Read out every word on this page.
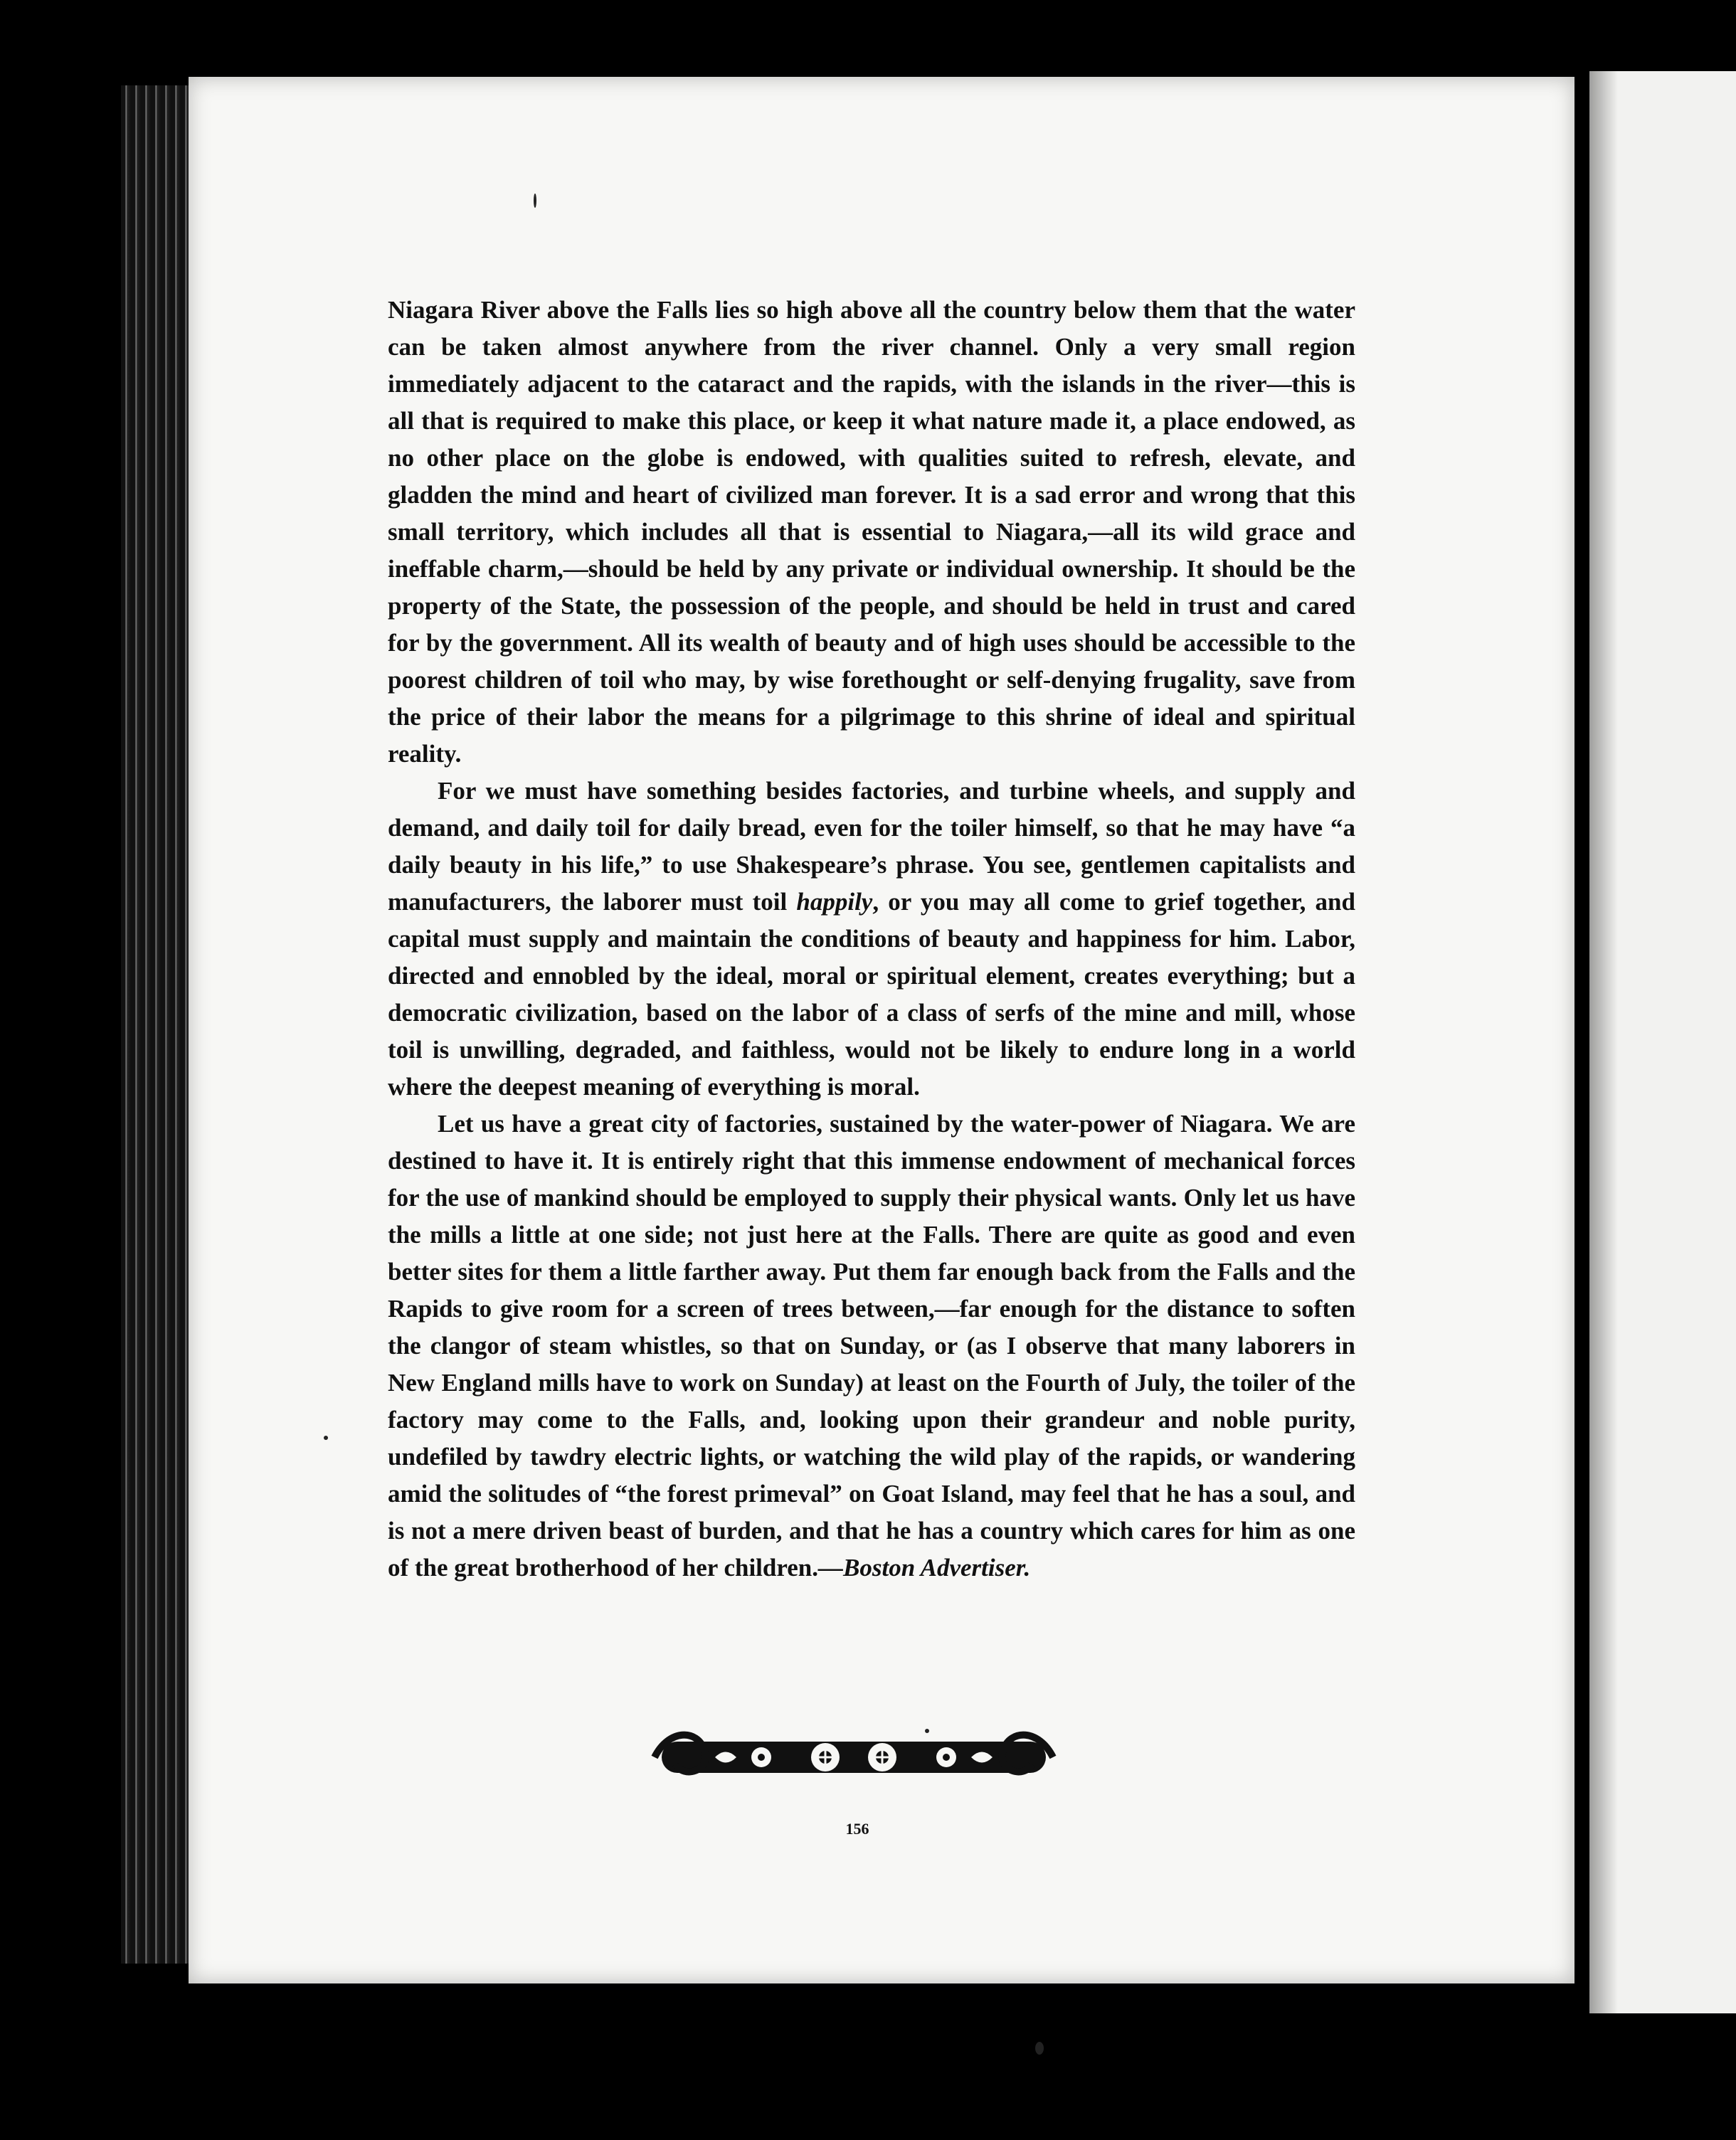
Niagara River above the Falls lies so high above all the country below them that the water can be taken almost anywhere from the river channel. Only a very small region immediately adjacent to the cataract and the rapids, with the islands in the river—this is all that is required to make this place, or keep it what nature made it, a place endowed, as no other place on the globe is endowed, with qualities suited to refresh, elevate, and gladden the mind and heart of civilized man forever. It is a sad error and wrong that this small territory, which includes all that is essential to Niagara,—all its wild grace and ineffable charm,—should be held by any private or individual ownership. It should be the property of the State, the possession of the people, and should be held in trust and cared for by the government. All its wealth of beauty and of high uses should be accessible to the poorest children of toil who may, by wise forethought or self-denying frugality, save from the price of their labor the means for a pilgrimage to this shrine of ideal and spiritual reality.

For we must have something besides factories, and turbine wheels, and supply and demand, and daily toil for daily bread, even for the toiler himself, so that he may have “a daily beauty in his life,” to use Shakespeare’s phrase. You see, gentlemen capitalists and manufacturers, the laborer must toil happily, or you may all come to grief together, and capital must supply and maintain the conditions of beauty and happiness for him. Labor, directed and ennobled by the ideal, moral or spiritual element, creates everything; but a democratic civilization, based on the labor of a class of serfs of the mine and mill, whose toil is unwilling, degraded, and faithless, would not be likely to endure long in a world where the deepest meaning of everything is moral.

Let us have a great city of factories, sustained by the water-power of Niagara. We are destined to have it. It is entirely right that this immense endowment of mechanical forces for the use of mankind should be employed to supply their physical wants. Only let us have the mills a little at one side; not just here at the Falls. There are quite as good and even better sites for them a little farther away. Put them far enough back from the Falls and the Rapids to give room for a screen of trees between,—far enough for the distance to soften the clangor of steam whistles, so that on Sunday, or (as I observe that many laborers in New England mills have to work on Sunday) at least on the Fourth of July, the toiler of the factory may come to the Falls, and, looking upon their grandeur and noble purity, undefiled by tawdry electric lights, or watching the wild play of the rapids, or wandering amid the solitudes of “the forest primeval” on Goat Island, may feel that he has a soul, and is not a mere driven beast of burden, and that he has a country which cares for him as one of the great brotherhood of her children.—Boston Advertiser.

156
